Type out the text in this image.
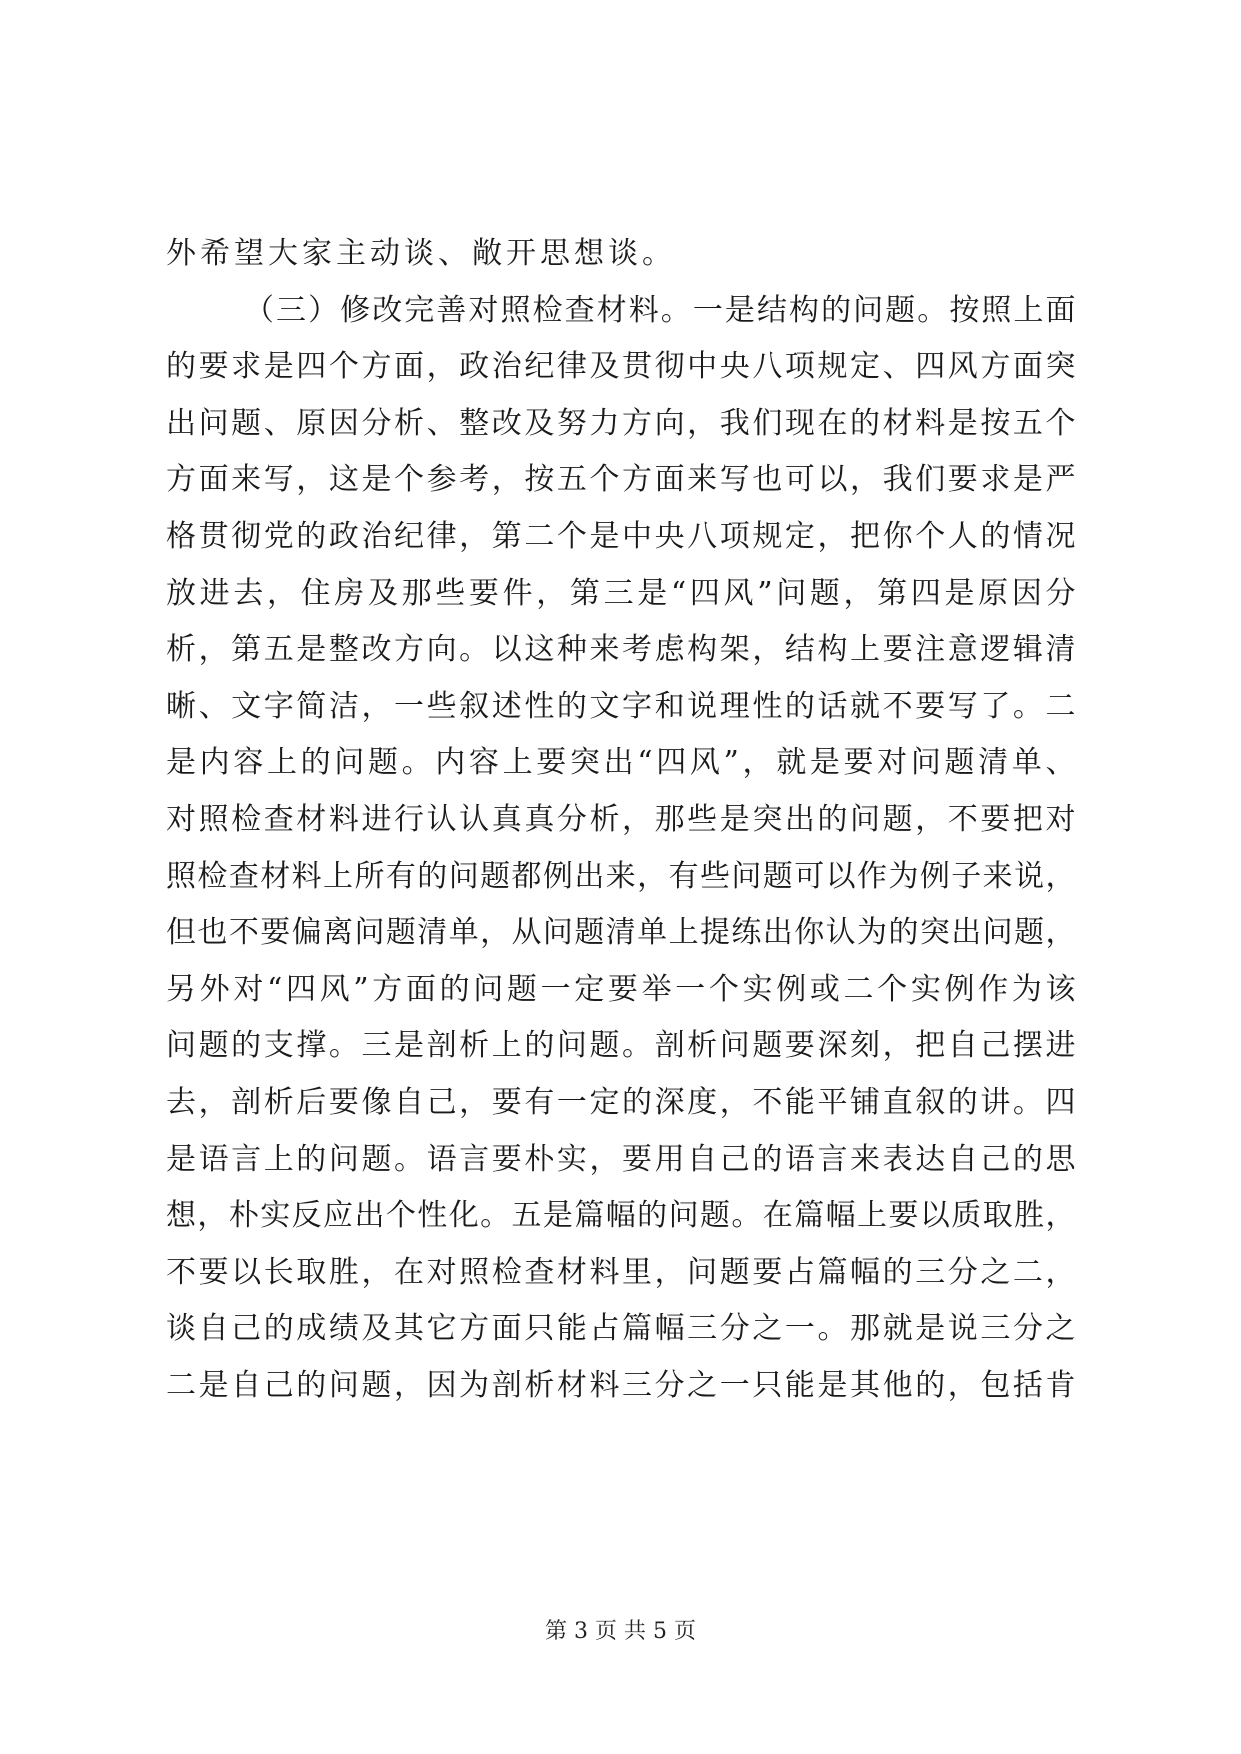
外希望大家主动谈、敞开思想谈。
（三）修改完善对照检查材料。一是结构的问题。按照上面
的要求是四个方面，政治纪律及贯彻中央八项规定、四风方面突
出问题、原因分析、整改及努力方向，我们现在的材料是按五个
方面来写，这是个参考，按五个方面来写也可以，我们要求是严
格贯彻党的政治纪律，第二个是中央八项规定，把你个人的情况
放进去，住房及那些要件，第三是“四风”问题，第四是原因分
析，第五是整改方向。以这种来考虑构架，结构上要注意逻辑清
晰、文字简洁，一些叙述性的文字和说理性的话就不要写了。二
是内容上的问题。内容上要突出“四风”，就是要对问题清单、
对照检查材料进行认认真真分析，那些是突出的问题，不要把对
照检查材料上所有的问题都例出来，有些问题可以作为例子来说，
但也不要偏离问题清单，从问题清单上提练出你认为的突出问题，
另外对“四风”方面的问题一定要举一个实例或二个实例作为该
问题的支撑。三是剖析上的问题。剖析问题要深刻，把自己摆进
去，剖析后要像自己，要有一定的深度，不能平铺直叙的讲。四
是语言上的问题。语言要朴实，要用自己的语言来表达自己的思
想，朴实反应出个性化。五是篇幅的问题。在篇幅上要以质取胜，
不要以长取胜，在对照检查材料里，问题要占篇幅的三分之二，
谈自己的成绩及其它方面只能占篇幅三分之一。那就是说三分之
二是自己的问题，因为剖析材料三分之一只能是其他的，包括肯
第 3 页 共 5 页
